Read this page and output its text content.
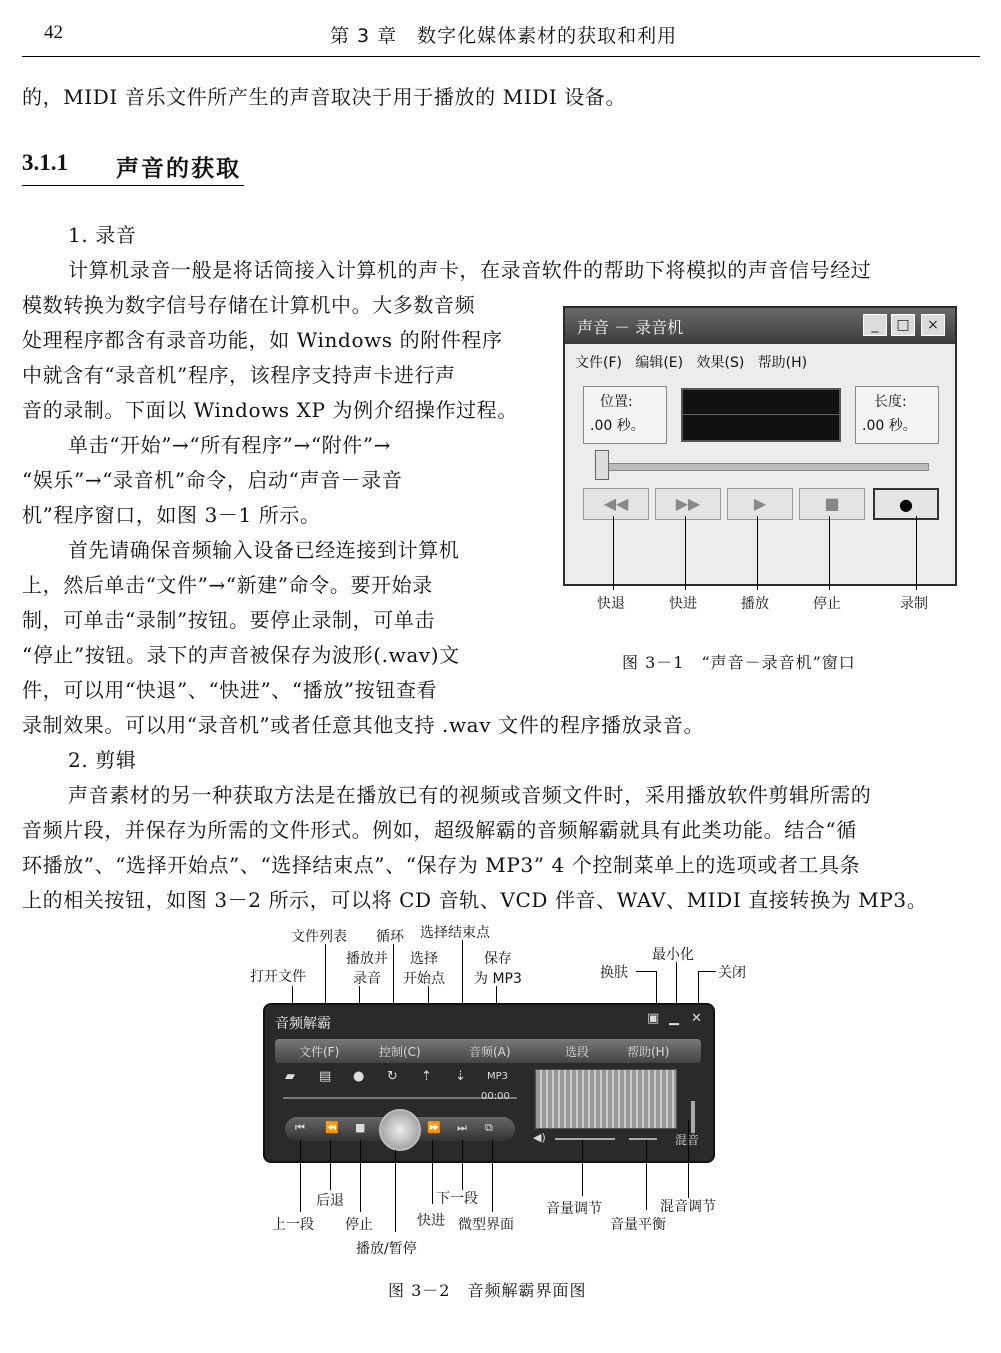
42	第 3 章　数字化媒体素材的获取和利用
的，MIDI 音乐文件所产生的声音取决于用于播放的 MIDI 设备。
3.1.1 声音的获取
1. 录音
计算机录音一般是将话筒接入计算机的声卡，在录音软件的帮助下将模拟的声音信号经过
模数转换为数字信号存储在计算机中。大多数音频
处理程序都含有录音功能，如 Windows 的附件程序
中就含有“录音机”程序，该程序支持声卡进行声
音的录制。下面以 Windows XP 为例介绍操作过程。
单击“开始”→“所有程序”→“附件”→
“娱乐”→“录音机”命令，启动“声音－录音
机”程序窗口，如图 3－1 所示。
首先请确保音频输入设备已经连接到计算机
上，然后单击“文件”→“新建”命令。要开始录
制，可单击“录制”按钮。要停止录制，可单击
“停止”按钮。录下的声音被保存为波形(.wav)文
件，可以用“快退”、“快进”、“播放”按钮查看
录制效果。可以用“录音机”或者任意其他支持 .wav 文件的程序播放录音。
2. 剪辑
声音素材的另一种获取方法是在播放已有的视频或音频文件时，采用播放软件剪辑所需的
音频片段，并保存为所需的文件形式。例如，超级解霸的音频解霸就具有此类功能。结合“循
环播放”、“选择开始点”、“选择结束点”、“保存为 MP3” 4 个控制菜单上的选项或者工具条
上的相关按钮，如图 3－2 所示，可以将 CD 音轨、VCD 伴音、WAV、MIDI 直接转换为 MP3。
声音 － 录音机	_	□	×
文件(F) 编辑(E) 效果(S) 帮助(H)
位置:
.00 秒。
长度:
.00 秒。
◀◀	▶▶	▶	■	●
快退	快进	播放	停止	录制
图 3－1　“声音－录音机”窗口
打开文件
文件列表 循环 选择结束点
播放并
录音
选择
开始点
保存
为 MP3	换肤
最小化
关闭
音频解霸	▣ ▁ ✕
文件(F)	控制(C)	音频(A)	选段	帮助(H)
▰ ▤ ● ↻ ⇡ ⇣ MP3
00:00
⏮ ⏪ ■	⏩ ⏭ ⧉
◀)	混音
上一段
后退
停止
播放/暂停
快进
下一段
微型界面
音量调节
音量平衡
混音调节
图 3－2　音频解霸界面图
